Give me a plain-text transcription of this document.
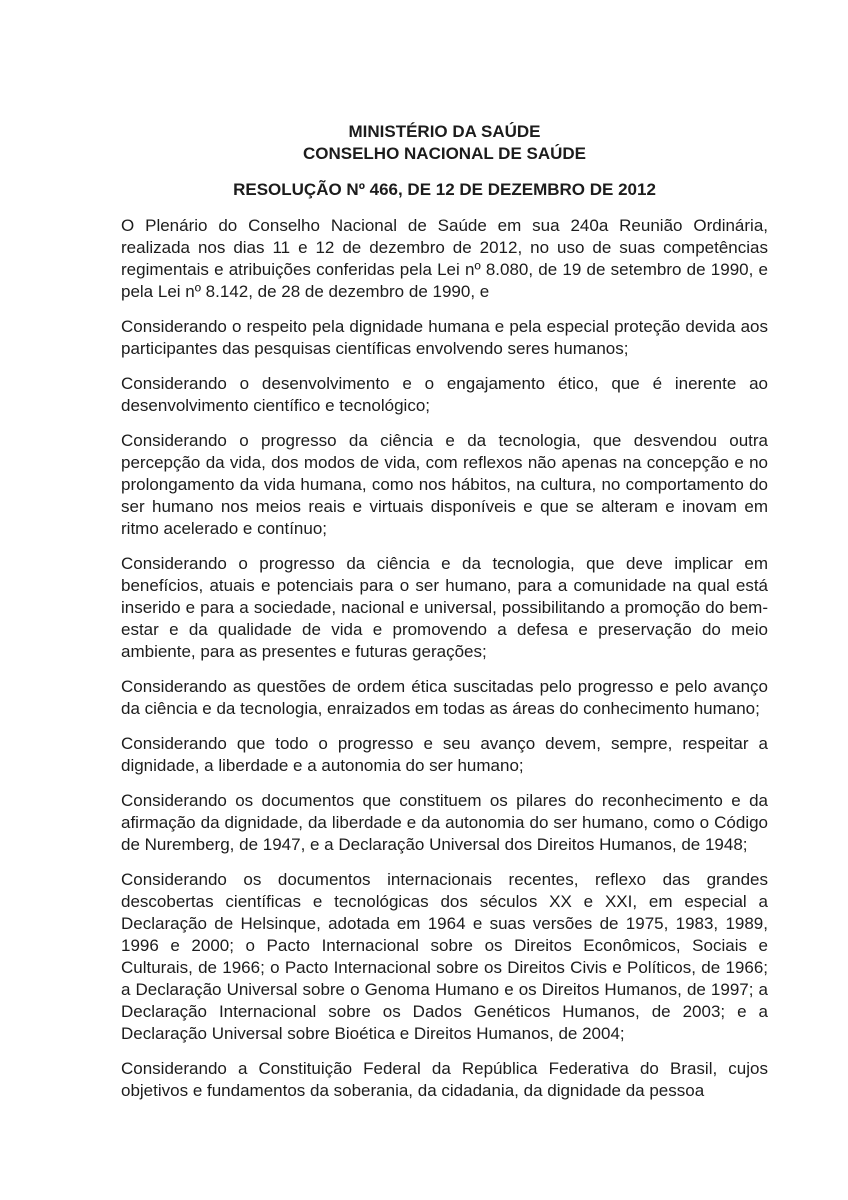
MINISTÉRIO DA SAÚDE
CONSELHO NACIONAL DE SAÚDE
RESOLUÇÃO Nº 466, DE 12 DE DEZEMBRO DE 2012

O Plenário do Conselho Nacional de Saúde em sua 240a Reunião Ordinária, realizada nos dias 11 e 12 de dezembro de 2012, no uso de suas competências regimentais e atribuições conferidas pela Lei nº 8.080, de 19 de setembro de 1990, e pela Lei nº 8.142, de 28 de dezembro de 1990, e

Considerando o respeito pela dignidade humana e pela especial proteção devida aos participantes das pesquisas científicas envolvendo seres humanos;

Considerando o desenvolvimento e o engajamento ético, que é inerente ao desenvolvimento científico e tecnológico;

Considerando o progresso da ciência e da tecnologia, que desvendou outra percepção da vida, dos modos de vida, com reflexos não apenas na concepção e no prolongamento da vida humana, como nos hábitos, na cultura, no comportamento do ser humano nos meios reais e virtuais disponíveis e que se alteram e inovam em ritmo acelerado e contínuo;

Considerando o progresso da ciência e da tecnologia, que deve implicar em benefícios, atuais e potenciais para o ser humano, para a comunidade na qual está inserido e para a sociedade, nacional e universal, possibilitando a promoção do bem-estar e da qualidade de vida e promovendo a defesa e preservação do meio ambiente, para as presentes e futuras gerações;

Considerando as questões de ordem ética suscitadas pelo progresso e pelo avanço da ciência e da tecnologia, enraizados em todas as áreas do conhecimento humano;

Considerando que todo o progresso e seu avanço devem, sempre, respeitar a dignidade, a liberdade e a autonomia do ser humano;

Considerando os documentos que constituem os pilares do reconhecimento e da afirmação da dignidade, da liberdade e da autonomia do ser humano, como o Código de Nuremberg, de 1947, e a Declaração Universal dos Direitos Humanos, de 1948;

Considerando os documentos internacionais recentes, reflexo das grandes descobertas científicas e tecnológicas dos séculos XX e XXI, em especial a Declaração de Helsinque, adotada em 1964 e suas versões de 1975, 1983, 1989, 1996 e 2000; o Pacto Internacional sobre os Direitos Econômicos, Sociais e Culturais, de 1966; o Pacto Internacional sobre os Direitos Civis e Políticos, de 1966; a Declaração Universal sobre o Genoma Humano e os Direitos Humanos, de 1997; a Declaração Internacional sobre os Dados Genéticos Humanos, de 2003; e a Declaração Universal sobre Bioética e Direitos Humanos, de 2004;

Considerando a Constituição Federal da República Federativa do Brasil, cujos objetivos e fundamentos da soberania, da cidadania, da dignidade da pessoa
